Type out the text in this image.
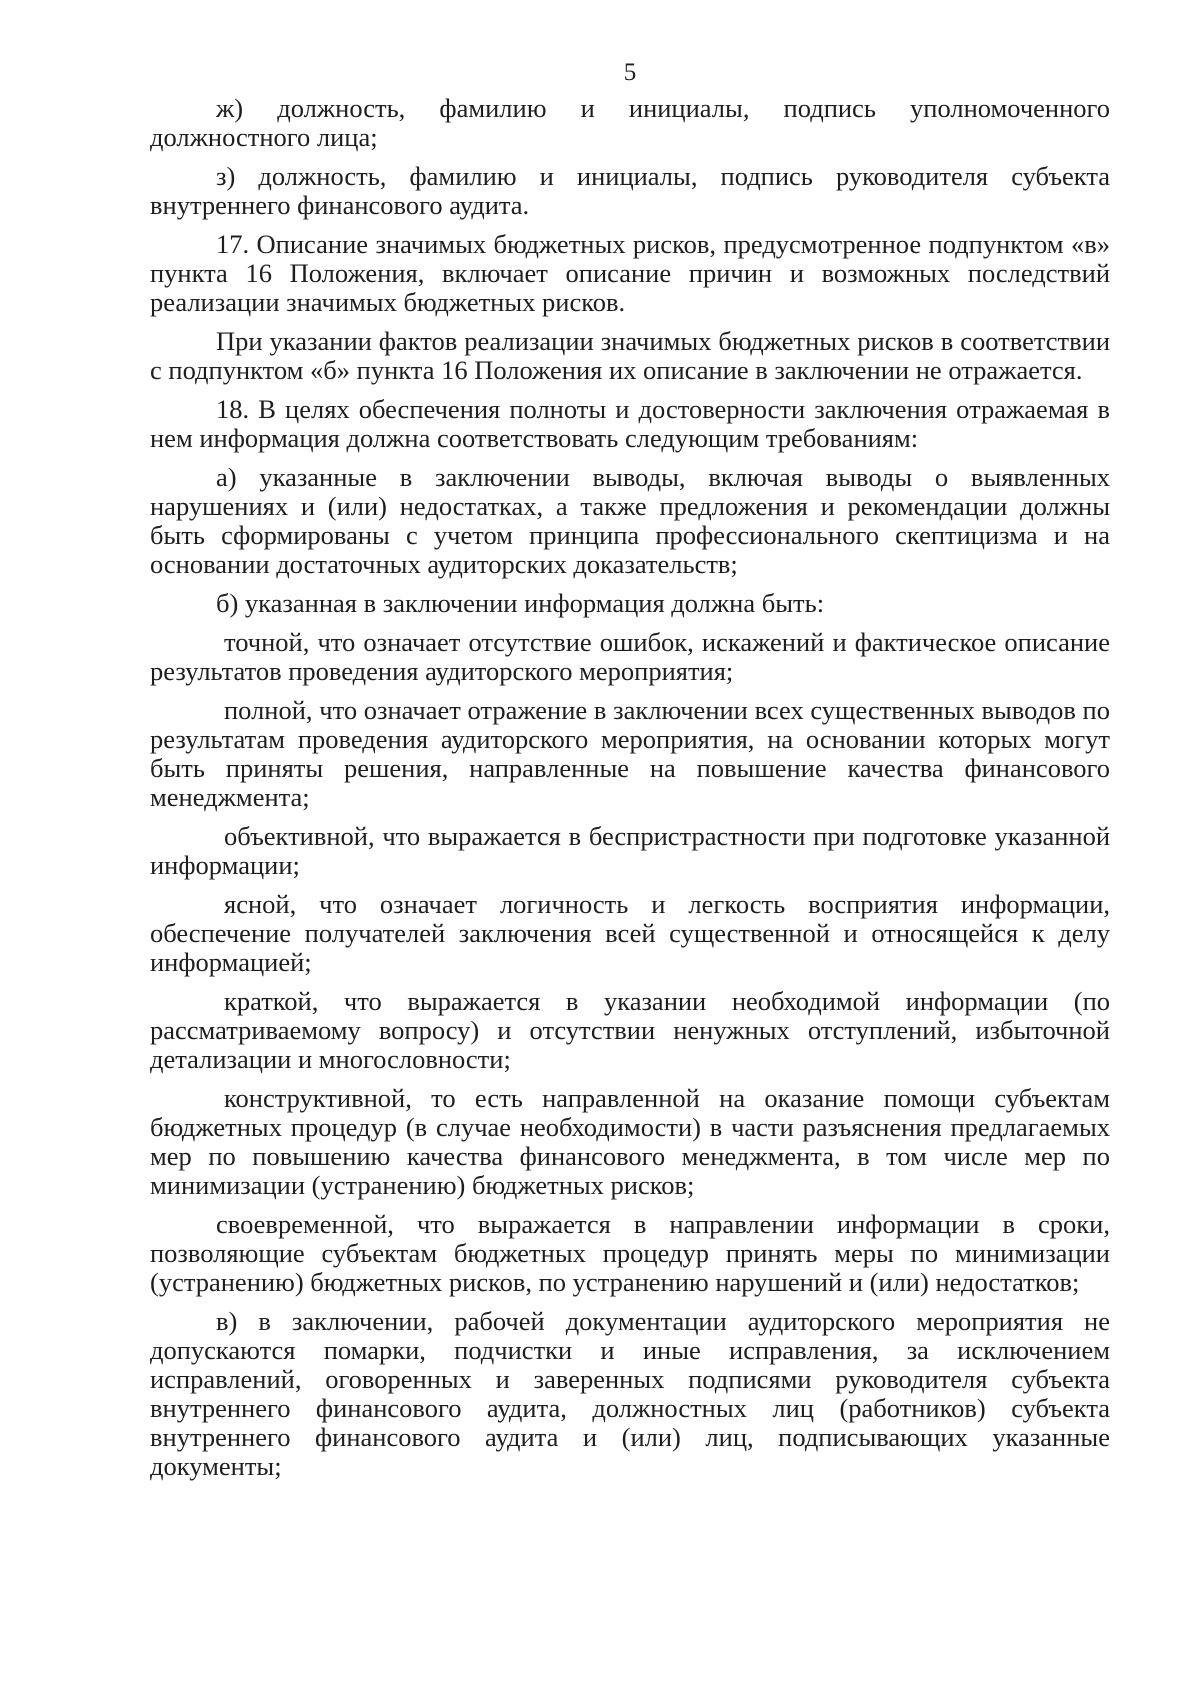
5

ж) должность, фамилию и инициалы, подпись уполномоченного должностного лица;

з) должность, фамилию и инициалы, подпись руководителя субъекта внутреннего финансового аудита.

17. Описание значимых бюджетных рисков, предусмотренное подпунктом «в» пункта 16 Положения, включает описание причин и возможных последствий реализации значимых бюджетных рисков.

При указании фактов реализации значимых бюджетных рисков в соответствии с подпунктом «б» пункта 16 Положения их описание в заключении не отражается.

18. В целях обеспечения полноты и достоверности заключения отражаемая в нем информация должна соответствовать следующим требованиям:

а) указанные в заключении выводы, включая выводы о выявленных нарушениях и (или) недостатках, а также предложения и рекомендации должны быть сформированы с учетом принципа профессионального скептицизма и на основании достаточных аудиторских доказательств;

б) указанная в заключении информация должна быть:

точной, что означает отсутствие ошибок, искажений и фактическое описание результатов проведения аудиторского мероприятия;

полной, что означает отражение в заключении всех существенных выводов по результатам проведения аудиторского мероприятия, на основании которых могут быть приняты решения, направленные на повышение качества финансового менеджмента;

объективной, что выражается в беспристрастности при подготовке указанной информации;

ясной, что означает логичность и легкость восприятия информации, обеспечение получателей заключения всей существенной и относящейся к делу информацией;

краткой, что выражается в указании необходимой информации (по рассматриваемому вопросу) и отсутствии ненужных отступлений, избыточной детализации и многословности;

конструктивной, то есть направленной на оказание помощи субъектам бюджетных процедур (в случае необходимости) в части разъяснения предлагаемых мер по повышению качества финансового менеджмента, в том числе мер по минимизации (устранению) бюджетных рисков;

своевременной, что выражается в направлении информации в сроки, позволяющие субъектам бюджетных процедур принять меры по минимизации (устранению) бюджетных рисков, по устранению нарушений и (или) недостатков;

в) в заключении, рабочей документации аудиторского мероприятия не допускаются помарки, подчистки и иные исправления, за исключением исправлений, оговоренных и заверенных подписями руководителя субъекта внутреннего финансового аудита, должностных лиц (работников) субъекта внутреннего финансового аудита и (или) лиц, подписывающих указанные документы;
